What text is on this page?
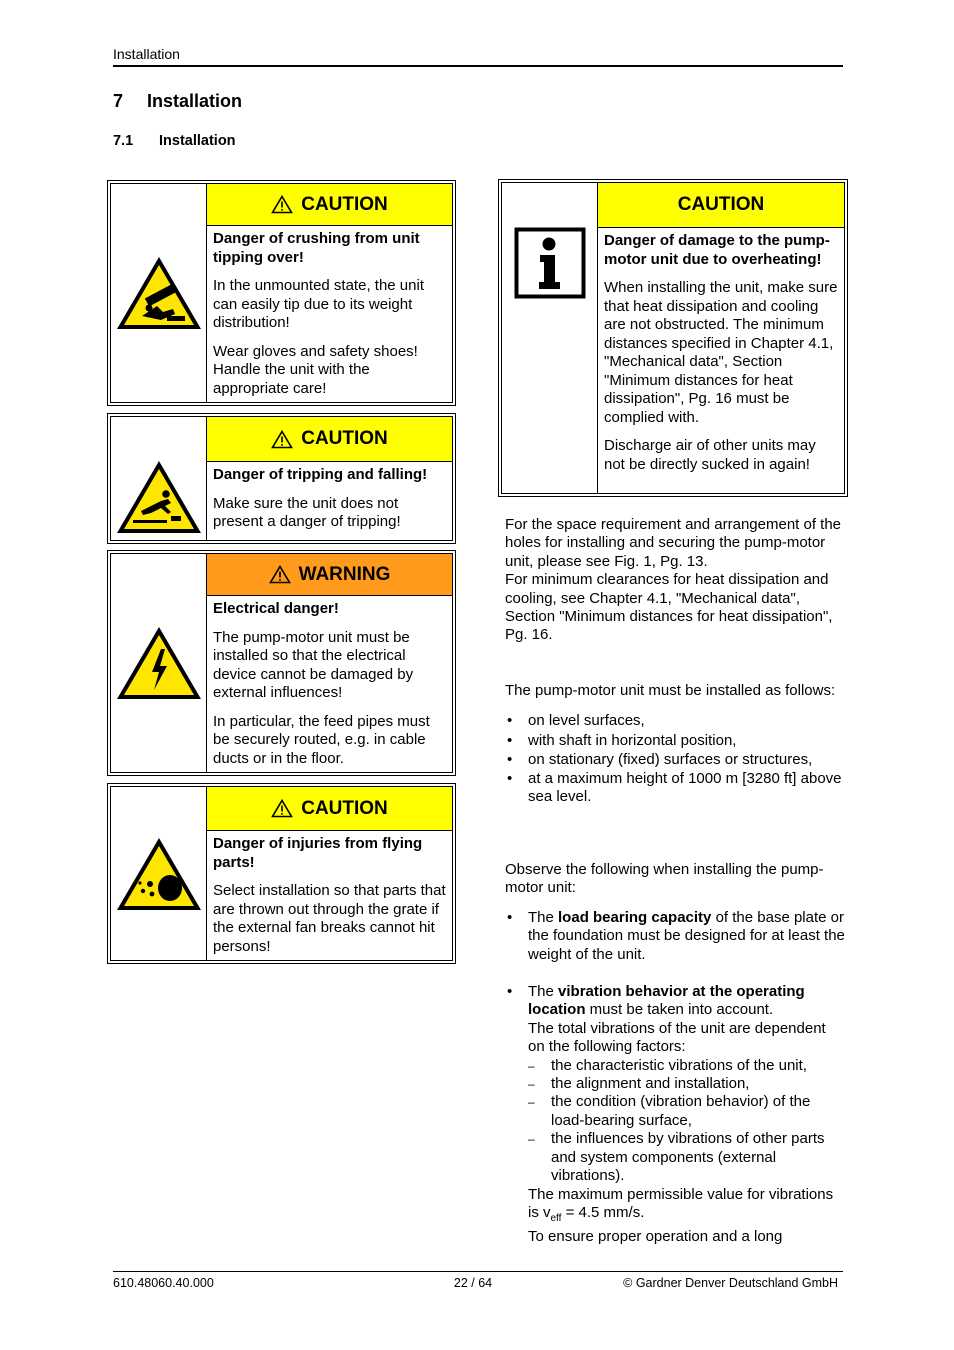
Installation
7 Installation
7.1 Installation
CAUTION

Danger of crushing from unit tipping over!

In the unmounted state, the unit can easily tip due to its weight distribution!

Wear gloves and safety shoes! Handle the unit with the appropriate care!

CAUTION

Danger of tripping and falling!

Make sure the unit does not present a danger of tripping!

WARNING

Electrical danger!

The pump-motor unit must be installed so that the electrical device cannot be damaged by external influences!

In particular, the feed pipes must be securely routed, e.g. in cable ducts or in the floor.

CAUTION

Danger of injuries from flying parts!

Select installation so that parts that are thrown out through the grate if the external fan breaks cannot hit persons!

CAUTION

Danger of damage to the pump-motor unit due to overheating!

When installing the unit, make sure that heat dissipation and cooling are not obstructed. The minimum distances specified in Chapter 4.1, "Mechanical data", Section "Minimum distances for heat dissipation", Pg. 16 must be complied with.

Discharge air of other units may not be directly sucked in again!

For the space requirement and arrangement of the holes for installing and securing the pump-motor unit, please see Fig. 1, Pg. 13.

For minimum clearances for heat dissipation and cooling, see Chapter 4.1, "Mechanical data", Section "Minimum distances for heat dissipation", Pg. 16.

The pump-motor unit must be installed as follows:

• on level surfaces,
• with shaft in horizontal position,
• on stationary (fixed) surfaces or structures,
• at a maximum height of 1000 m [3280 ft] above sea level.

Observe the following when installing the pump-motor unit:

• The load bearing capacity of the base plate or the foundation must be designed for at least the weight of the unit.
• The vibration behavior at the operating location must be taken into account.
The total vibrations of the unit are dependent on the following factors:
– the characteristic vibrations of the unit,
– the alignment and installation,
– the condition (vibration behavior) of the load-bearing surface,
– the influences by vibrations of other parts and system components (external vibrations).
The maximum permissible value for vibrations is $v_{eff} = 4.5$ mm/s.
To ensure proper operation and a long
610.48060.40.000	22 / 64	© Gardner Denver Deutschland GmbH
